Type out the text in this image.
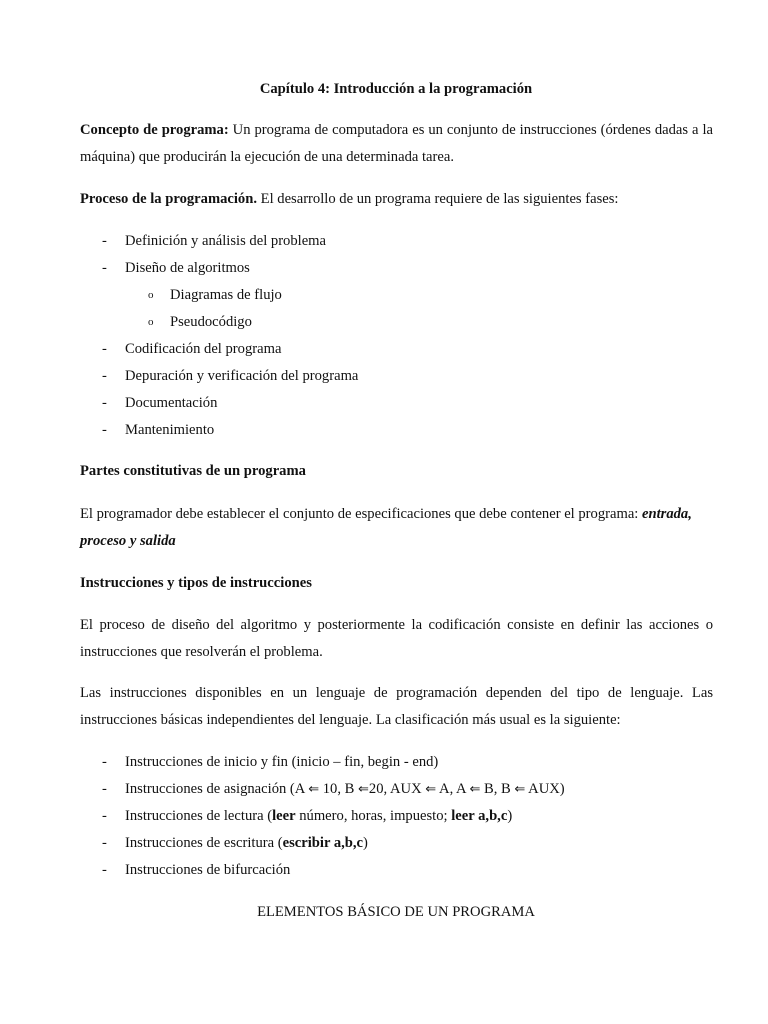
Capítulo 4: Introducción a la programación
Concepto de programa: Un programa de computadora es un conjunto de instrucciones (órdenes dadas a la máquina) que producirán la ejecución de una determinada tarea.
Proceso de la programación. El desarrollo de un programa requiere de las siguientes fases:
- Definición y análisis del problema
- Diseño de algoritmos
o Diagramas de flujo
o Pseudocódigo
- Codificación del programa
- Depuración y verificación del programa
- Documentación
- Mantenimiento
Partes constitutivas de un programa
El programador debe establecer el conjunto de especificaciones que debe contener el programa: entrada, proceso y salida
Instrucciones y tipos de instrucciones
El proceso de diseño del algoritmo y posteriormente la codificación consiste en definir las acciones o instrucciones que resolverán el problema.
Las instrucciones disponibles en un lenguaje de programación dependen del tipo de lenguaje. Las instrucciones básicas independientes del lenguaje. La clasificación más usual es la siguiente:
- Instrucciones de inicio y fin (inicio – fin, begin - end)
- Instrucciones de asignación (A ⇐ 10, B ⇐20, AUX ⇐ A, A ⇐ B, B ⇐ AUX)
- Instrucciones de lectura (leer número, horas, impuesto; leer a,b,c)
- Instrucciones de escritura (escribir a,b,c)
- Instrucciones de bifurcación
ELEMENTOS BÁSICO DE UN PROGRAMA
